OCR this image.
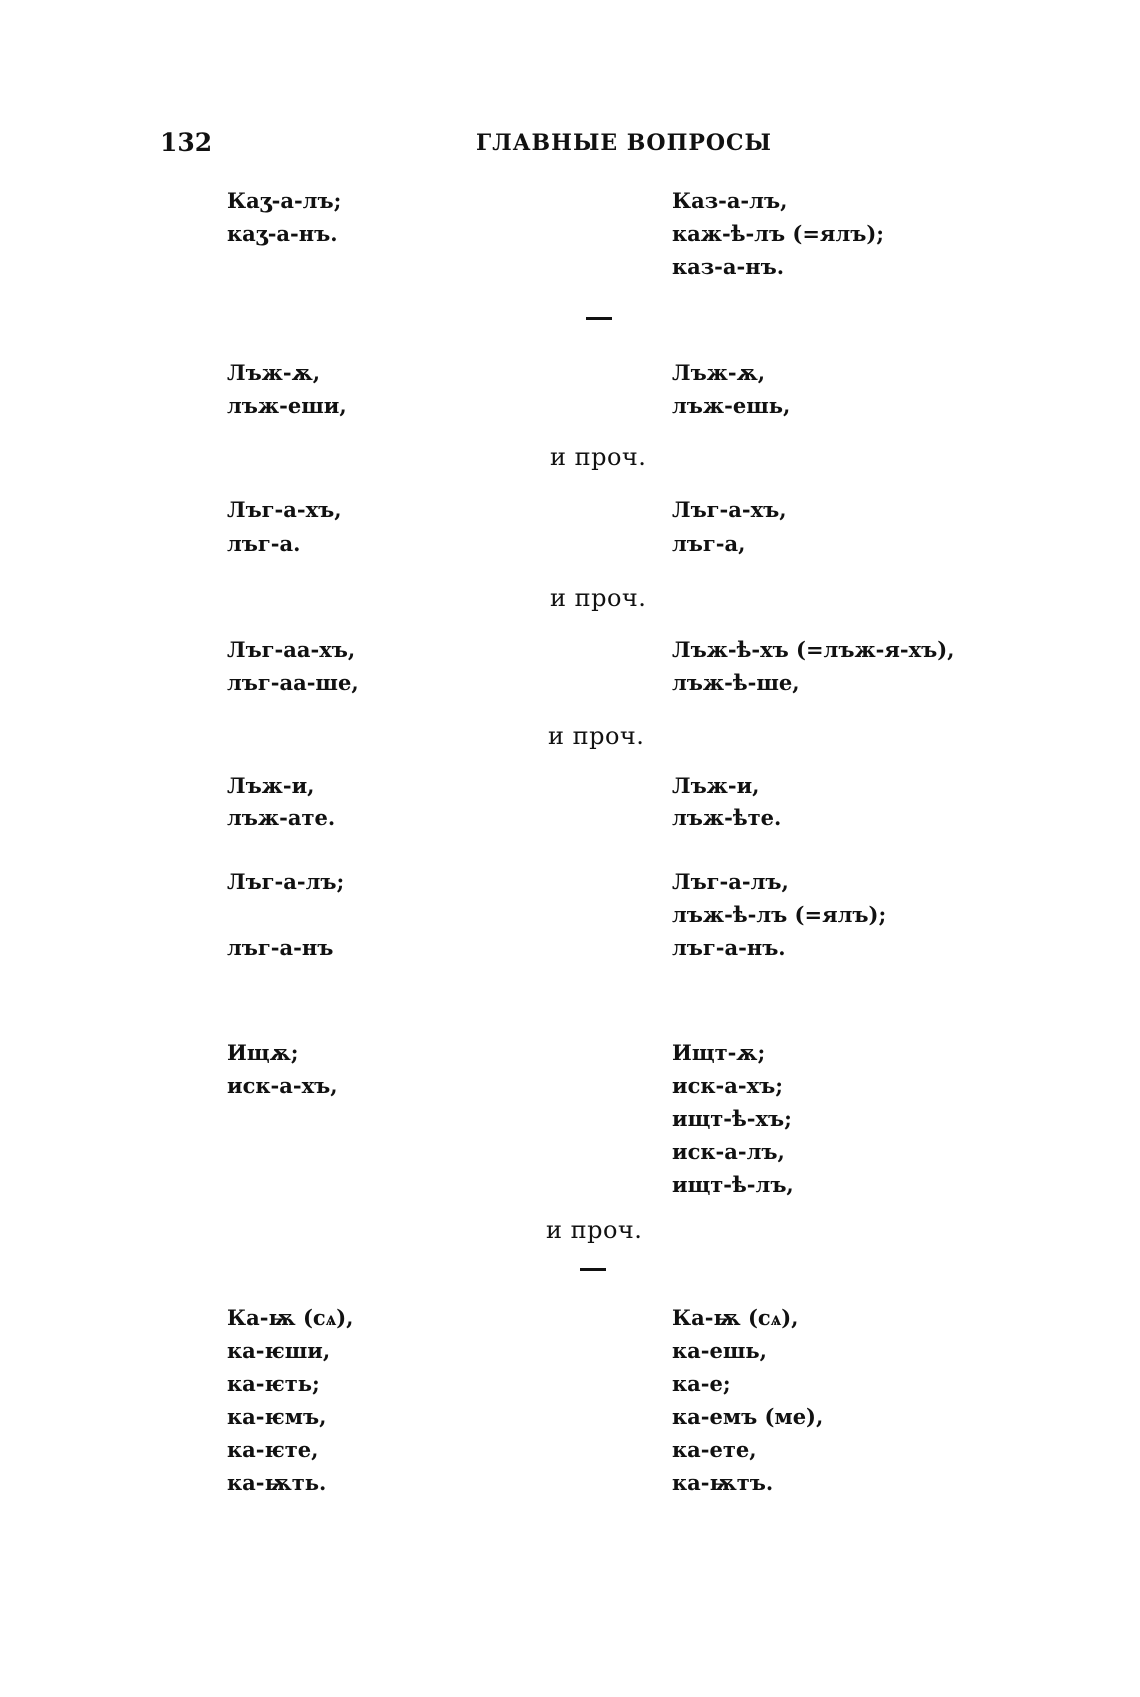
132	ГЛАВНЫЕ ВОПРОСЫ
Каӡ-а-лъ;
каӡ-а-нъ.
Каз-а-лъ,
каж-ѣ-лъ (=ялъ);
каз-а-нъ.
Лъж-ѫ,
лъж-еши,
Лъж-ѫ,
лъж-ешь,
и проч.
Лъг-а-хъ,
лъг-а.
Лъг-а-хъ,
лъг-а,
и проч.
Лъг-аа-хъ,
лъг-аа-ше,
Лъж-ѣ-хъ (=лъж-я-хъ),
лъж-ѣ-ше,
и проч.
Лъж-и,
лъж-ате.
Лъж-и,
лъж-ѣте.
Лъг-а-лъ;
лъг-а-нъ
Лъг-а-лъ,
лъж-ѣ-лъ (=ялъ);
лъг-а-нъ.
Ищѫ;
иск-а-хъ,
Ищт-ѫ;
иск-а-хъ;
ищт-ѣ-хъ;
иск-а-лъ,
ищт-ѣ-лъ,
и проч.
Ка-ѭ (сѧ),
ка-ѥши,
ка-ѥть;
ка-ѥмъ,
ка-ѥте,
ка-ѭть.
Ка-ѭ (сѧ),
ка-ешь,
ка-е;
ка-емъ (ме),
ка-ете,
ка-ѭтъ.
